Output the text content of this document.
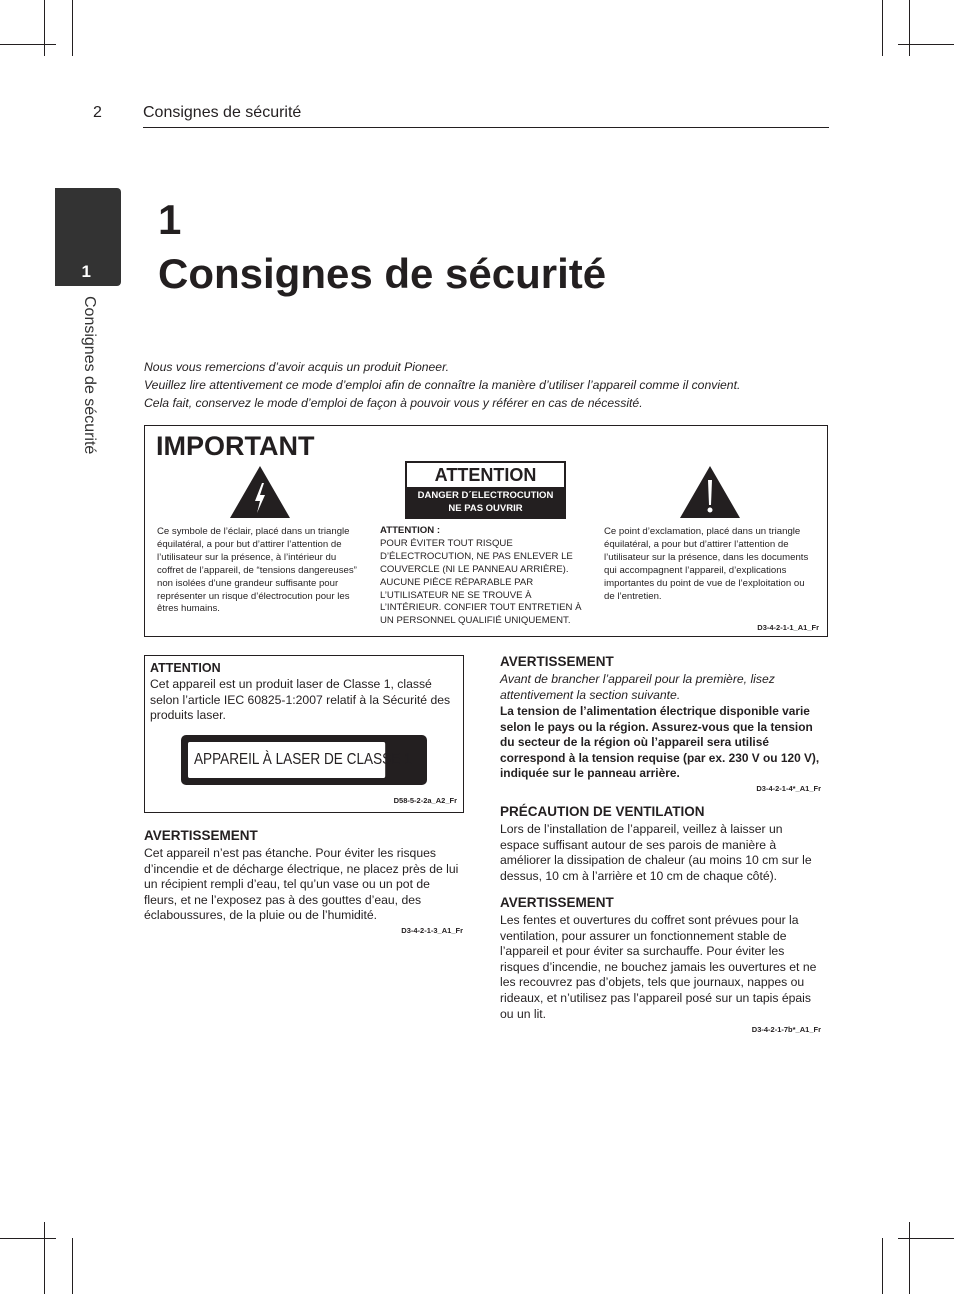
2	Consignes de sécurité
1
Consignes de sécurité
1
Consignes de sécurité
Nous vous remercions d’avoir acquis un produit Pioneer.
Veuillez lire attentivement ce mode d’emploi afin de connaître la manière d’utiliser l’appareil comme il convient.
Cela fait, conservez le mode d’emploi de façon à pouvoir vous y référer en cas de nécessité.
IMPORTANT
ATTENTION
DANGER D´ELECTROCUTION
NE PAS OUVRIR
Ce symbole de l’éclair, placé dans un triangle équilatéral, a pour but d’attirer l’attention de l’utilisateur sur la présence, à l’intérieur du coffret de l’appareil, de “tensions dangereuses” non isolées d’une grandeur suffisante pour représenter un risque d’électrocution pour les êtres humains.
ATTENTION :
POUR ÉVITER TOUT RISQUE D’ÉLECTROCUTION, NE PAS ENLEVER LE COUVERCLE (NI LE PANNEAU ARRIÈRE). AUCUNE PIÈCE RÉPARABLE PAR L’UTILISATEUR NE SE TROUVE À L’INTÉRIEUR. CONFIER TOUT ENTRETIEN À UN PERSONNEL QUALIFIÉ UNIQUEMENT.
Ce point d’exclamation, placé dans un triangle équilatéral, a pour but d’attirer l’attention de l’utilisateur sur la présence, dans les documents qui accompagnent l’appareil, d’explications importantes du point de vue de l’exploitation ou de l’entretien.
D3-4-2-1-1_A1_Fr
ATTENTION
Cet appareil est un produit laser de Classe 1, classé selon l’article IEC 60825-1:2007 relatif à la Sécurité des produits laser.
APPAREIL À LASER DE CLASSE 1
D58-5-2-2a_A2_Fr
AVERTISSEMENT
Cet appareil n’est pas étanche. Pour éviter les risques d’incendie et de décharge électrique, ne placez près de lui un récipient rempli d’eau, tel qu’un vase ou un pot de fleurs, et ne l’exposez pas à des gouttes d’eau, des éclaboussures, de la pluie ou de l’humidité.
D3-4-2-1-3_A1_Fr
AVERTISSEMENT
Avant de brancher l’appareil pour la première, lisez attentivement la section suivante.
La tension de l’alimentation électrique disponible varie selon le pays ou la région. Assurez-vous que la tension du secteur de la région où l’appareil sera utilisé correspond à la tension requise (par ex. 230 V ou 120 V), indiquée sur le panneau arrière.
D3-4-2-1-4*_A1_Fr
PRÉCAUTION DE VENTILATION
Lors de l’installation de l’appareil, veillez à laisser un espace suffisant autour de ses parois de manière à améliorer la dissipation de chaleur (au moins 10 cm sur le dessus, 10 cm à l’arrière et 10 cm de chaque côté).
AVERTISSEMENT
Les fentes et ouvertures du coffret sont prévues pour la ventilation, pour assurer un fonctionnement stable de l’appareil et pour éviter sa surchauffe. Pour éviter les risques d’incendie, ne bouchez jamais les ouvertures et ne les recouvrez pas d’objets, tels que journaux, nappes ou rideaux, et n’utilisez pas l’appareil posé sur un tapis épais ou un lit.
D3-4-2-1-7b*_A1_Fr
